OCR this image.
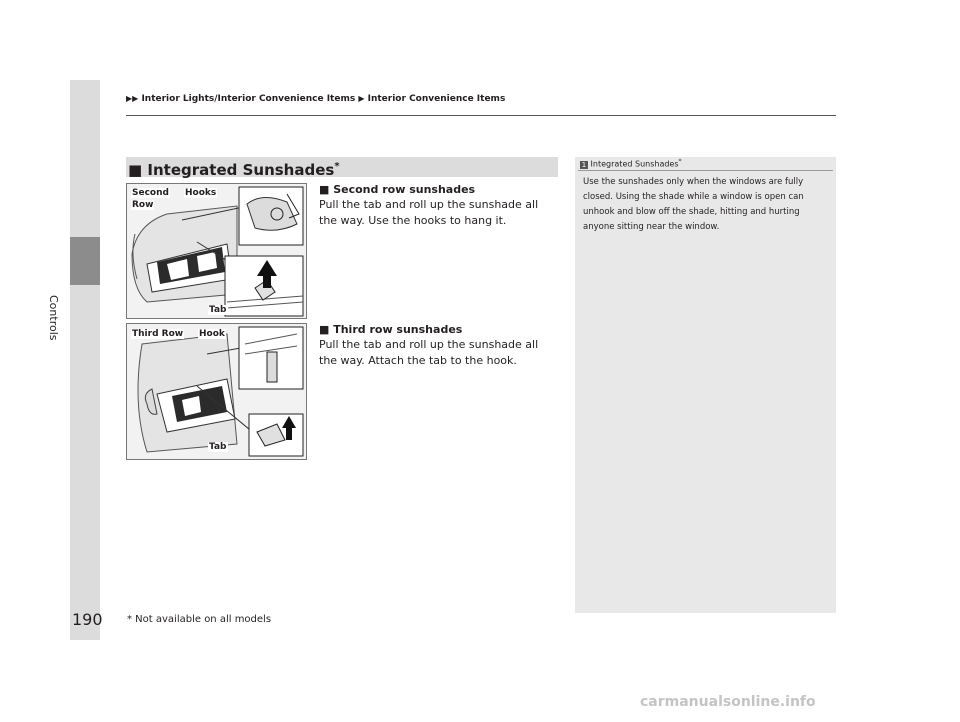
Controls
▶▶ Interior Lights/Interior Convenience Items ▶ Interior Convenience Items
■ Integrated Sunshades*
Second
Row
Hooks
Tab
Third Row Hook
Tab
■ Second row sunshades
Pull the tab and roll up the sunshade all the way. Use the hooks to hang it.
■ Third row sunshades
Pull the tab and roll up the sunshade all the way. Attach the tab to the hook.
1 Integrated Sunshades*
Use the sunshades only when the windows are fully closed. Using the shade while a window is open can unhook and blow off the shade, hitting and hurting anyone sitting near the window.
190 * Not available on all models
carmanualsonline.info
